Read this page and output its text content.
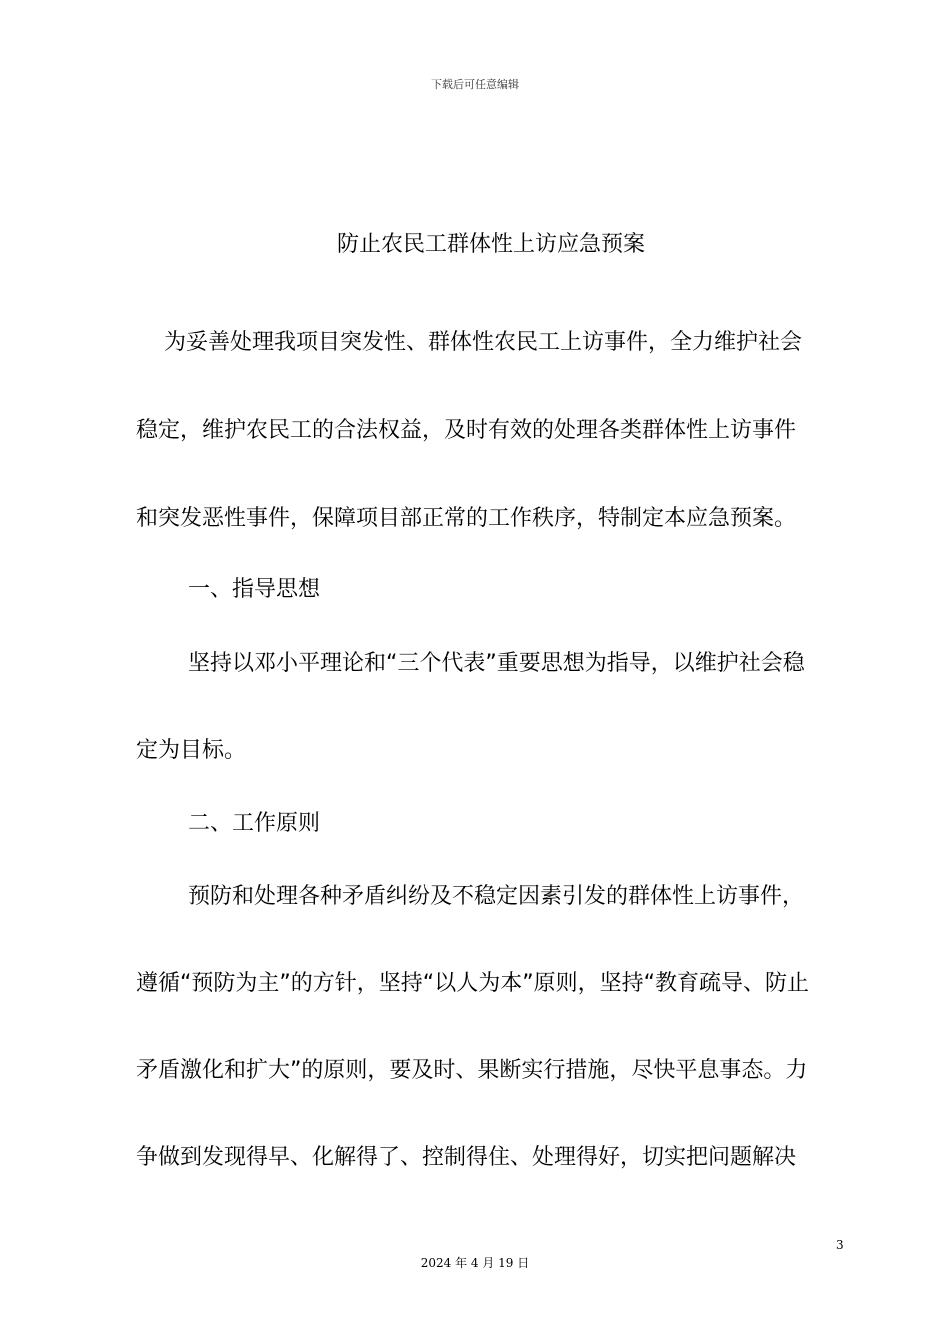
下载后可任意编辑
防止农民工群体性上访应急预案
为妥善处理我项目突发性、群体性农民工上访事件，全力维护社会
稳定，维护农民工的合法权益，及时有效的处理各类群体性上访事件
和突发恶性事件，保障项目部正常的工作秩序，特制定本应急预案。
一、指导思想
坚持以邓小平理论和“三个代表”重要思想为指导，以维护社会稳
定为目标。
二、工作原则
预防和处理各种矛盾纠纷及不稳定因素引发的群体性上访事件，
遵循“预防为主”的方针，坚持“以人为本”原则，坚持“教育疏导、防止
矛盾激化和扩大”的原则，要及时、果断实行措施，尽快平息事态。力
争做到发现得早、化解得了、控制得住、处理得好，切实把问题解决
3
2024 年 4 月 19 日
